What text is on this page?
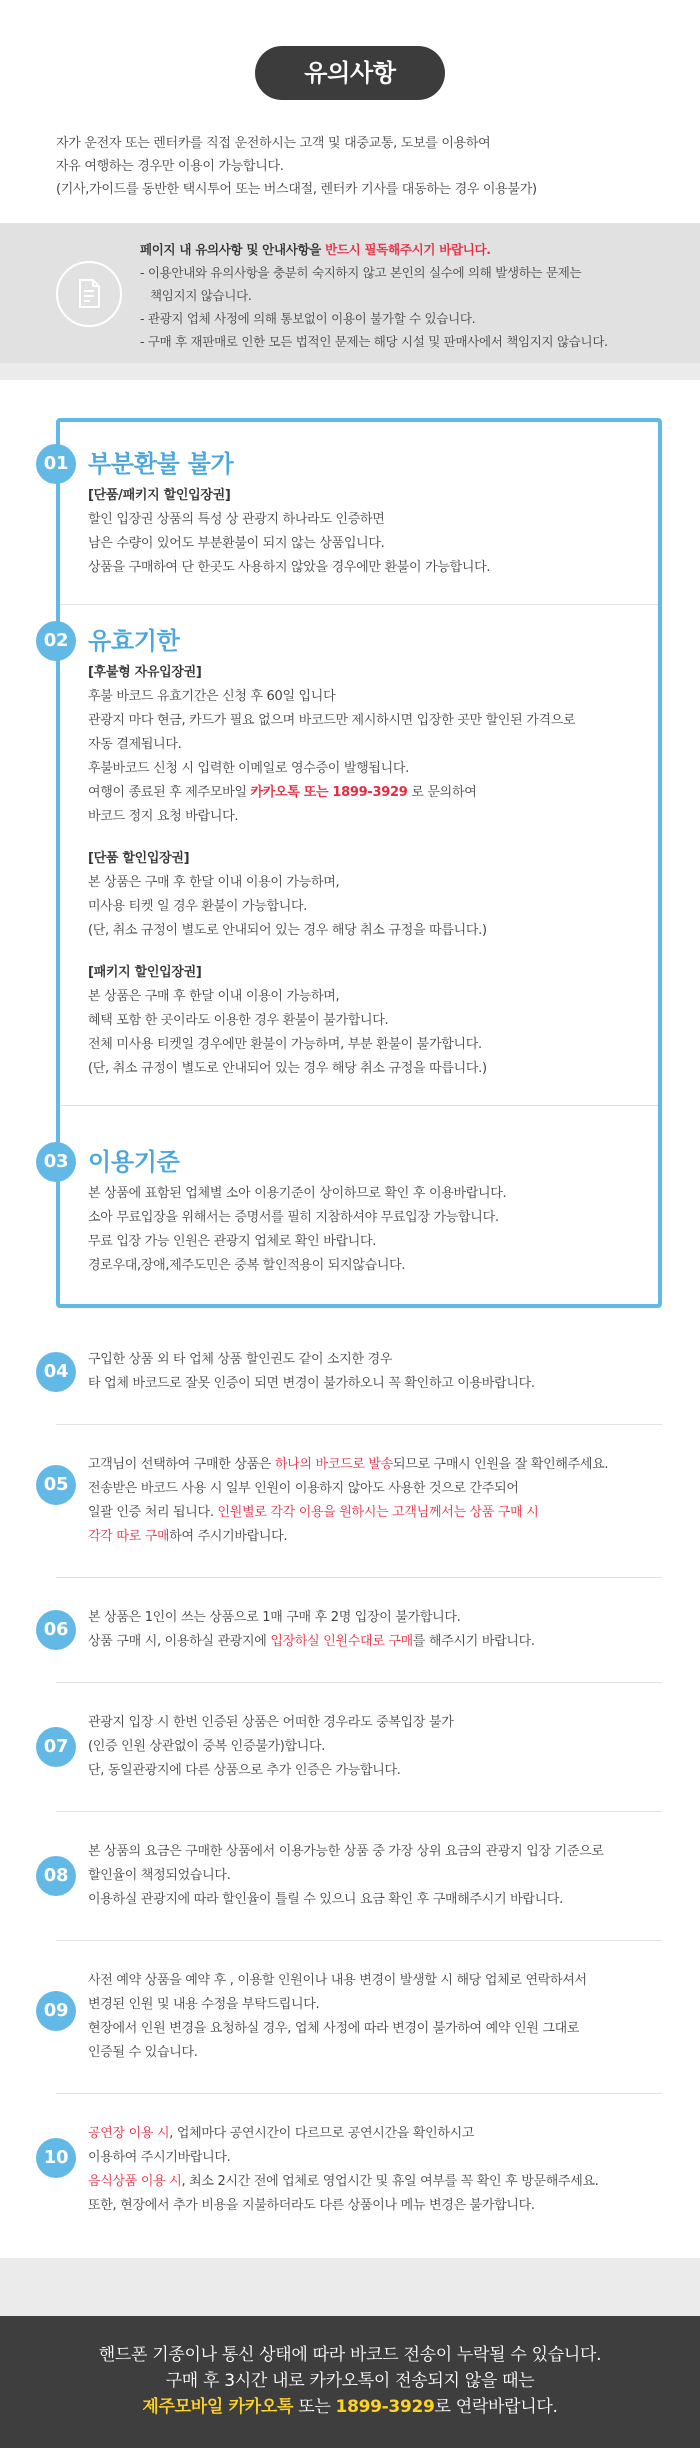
유의사항
자가 운전자 또는 렌터카를 직접 운전하시는 고객 및 대중교통, 도보를 이용하여
자유 여행하는 경우만 이용이 가능합니다.
(기사,가이드를 동반한 택시투어 또는 버스대절, 렌터카 기사를 대동하는 경우 이용불가)
페이지 내 유의사항 및 안내사항을 반드시 필독해주시기 바랍니다.
- 이용안내와 유의사항을 충분히 숙지하지 않고 본인의 실수에 의해 발생하는 문제는
책임지지 않습니다.
- 관광지 업체 사정에 의해 통보없이 이용이 불가할 수 있습니다.
- 구매 후 재판매로 인한 모든 법적인 문제는 해당 시설 및 판매사에서 책임지지 않습니다.
01 부분환불 불가
[단품/패키지 할인입장권]

할인 입장권 상품의 특성 상 관광지 하나라도 인증하면

남은 수량이 있어도 부분환불이 되지 않는 상품입니다.

상품을 구매하여 단 한곳도 사용하지 않았을 경우에만 환불이 가능합니다.

02 유효기한
[후불형 자유입장권]

후불 바코드 유효기간은 신청 후 60일 입니다

관광지 마다 현금, 카드가 필요 없으며 바코드만 제시하시면 입장한 곳만 할인된 가격으로

자동 결제됩니다.

후불바코드 신청 시 입력한 이메일로 영수증이 발행됩니다.

여행이 종료된 후 제주모바일 카카오톡 또는 1899-3929 로 문의하여

바코드 정지 요청 바랍니다.

[단품 할인입장권]

본 상품은 구매 후 한달 이내 이용이 가능하며,

미사용 티켓 일 경우 환불이 가능합니다.

(단, 취소 규정이 별도로 안내되어 있는 경우 해당 취소 규정을 따릅니다.)

[패키지 할인입장권]

본 상품은 구매 후 한달 이내 이용이 가능하며,

혜택 포함 한 곳이라도 이용한 경우 환불이 불가합니다.

전체 미사용 티켓일 경우에만 환불이 가능하며, 부분 환불이 불가합니다.

(단, 취소 규정이 별도로 안내되어 있는 경우 해당 취소 규정을 따릅니다.)

03 이용기준

본 상품에 표함된 업체별 소아 이용기준이 상이하므로 확인 후 이용바랍니다.

소아 무료입장을 위해서는 증명서를 필히 지참하셔야 무료입장 가능합니다.

무료 입장 가능 인원은 관광지 업체로 확인 바랍니다.

경로우대,장애,제주도민은 중복 할인적용이 되지않습니다.

04
구입한 상품 외 타 업체 상품 할인권도 같이 소지한 경우
타 업체 바코드로 잘못 인증이 되면 변경이 불가하오니 꼭 확인하고 이용바랍니다.
05
고객님이 선택하여 구매한 상품은 하나의 바코드로 발송되므로 구매시 인원을 잘 확인해주세요.
전송받은 바코드 사용 시 일부 인원이 이용하지 않아도 사용한 것으로 간주되어
일괄 인증 처리 됩니다. 인원별로 각각 이용을 원하시는 고객님께서는 상품 구매 시
각각 따로 구매하여 주시기바랍니다.
06
본 상품은 1인이 쓰는 상품으로 1매 구매 후 2명 입장이 불가합니다.
상품 구매 시, 이용하실 관광지에 입장하실 인원수대로 구매를 해주시기 바랍니다.
07
관광지 입장 시 한번 인증된 상품은 어떠한 경우라도 중복입장 불가
(인증 인원 상관없이 중복 인증불가)합니다.
단, 동일관광지에 다른 상품으로 추가 인증은 가능합니다.
08
본 상품의 요금은 구매한 상품에서 이용가능한 상품 중 가장 상위 요금의 관광지 입장 기준으로
할인율이 책정되었습니다.
이용하실 관광지에 따라 할인율이 틀릴 수 있으니 요금 확인 후 구매해주시기 바랍니다.
09
사전 예약 상품을 예약 후 , 이용할 인원이나 내용 변경이 발생할 시 해당 업체로 연락하셔서
변경된 인원 및 내용 수정을 부탁드립니다.
현장에서 인원 변경을 요청하실 경우, 업체 사정에 따라 변경이 불가하여 예약 인원 그대로
인증될 수 있습니다.
10
공연장 이용 시, 업체마다 공연시간이 다르므로 공연시간을 확인하시고
이용하여 주시기바랍니다.
음식상품 이용 시, 최소 2시간 전에 업체로 영업시간 및 휴일 여부를 꼭 확인 후 방문해주세요.
또한, 현장에서 추가 비용을 지불하더라도 다른 상품이나 메뉴 변경은 불가합니다.
핸드폰 기종이나 통신 상태에 따라 바코드 전송이 누락될 수 있습니다.
구매 후 3시간 내로 카카오톡이 전송되지 않을 때는
제주모바일 카카오톡 또는 1899-3929로 연락바랍니다.
